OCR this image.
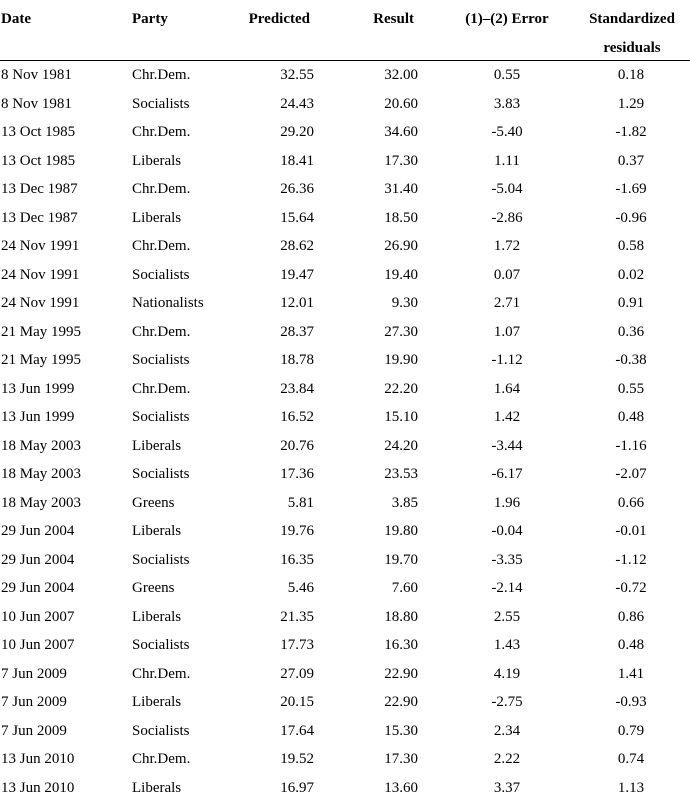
Date	Party	Predicted	Result	(1)–(2) Error	Standardized
residuals
8 Nov 1981	Chr.Dem.	32.55	32.00	0.55	0.18
8 Nov 1981	Socialists	24.43	20.60	3.83	1.29
13 Oct 1985	Chr.Dem.	29.20	34.60	-5.40	-1.82
13 Oct 1985	Liberals	18.41	17.30	1.11	0.37
13 Dec 1987	Chr.Dem.	26.36	31.40	-5.04	-1.69
13 Dec 1987	Liberals	15.64	18.50	-2.86	-0.96
24 Nov 1991	Chr.Dem.	28.62	26.90	1.72	0.58
24 Nov 1991	Socialists	19.47	19.40	0.07	0.02
24 Nov 1991	Nationalists	12.01	9.30	2.71	0.91
21 May 1995	Chr.Dem.	28.37	27.30	1.07	0.36
21 May 1995	Socialists	18.78	19.90	-1.12	-0.38
13 Jun 1999	Chr.Dem.	23.84	22.20	1.64	0.55
13 Jun 1999	Socialists	16.52	15.10	1.42	0.48
18 May 2003	Liberals	20.76	24.20	-3.44	-1.16
18 May 2003	Socialists	17.36	23.53	-6.17	-2.07
18 May 2003	Greens	5.81	3.85	1.96	0.66
29 Jun 2004	Liberals	19.76	19.80	-0.04	-0.01
29 Jun 2004	Socialists	16.35	19.70	-3.35	-1.12
29 Jun 2004	Greens	5.46	7.60	-2.14	-0.72
10 Jun 2007	Liberals	21.35	18.80	2.55	0.86
10 Jun 2007	Socialists	17.73	16.30	1.43	0.48
7 Jun 2009	Chr.Dem.	27.09	22.90	4.19	1.41
7 Jun 2009	Liberals	20.15	22.90	-2.75	-0.93
7 Jun 2009	Socialists	17.64	15.30	2.34	0.79
13 Jun 2010	Chr.Dem.	19.52	17.30	2.22	0.74
13 Jun 2010	Liberals	16.97	13.60	3.37	1.13
